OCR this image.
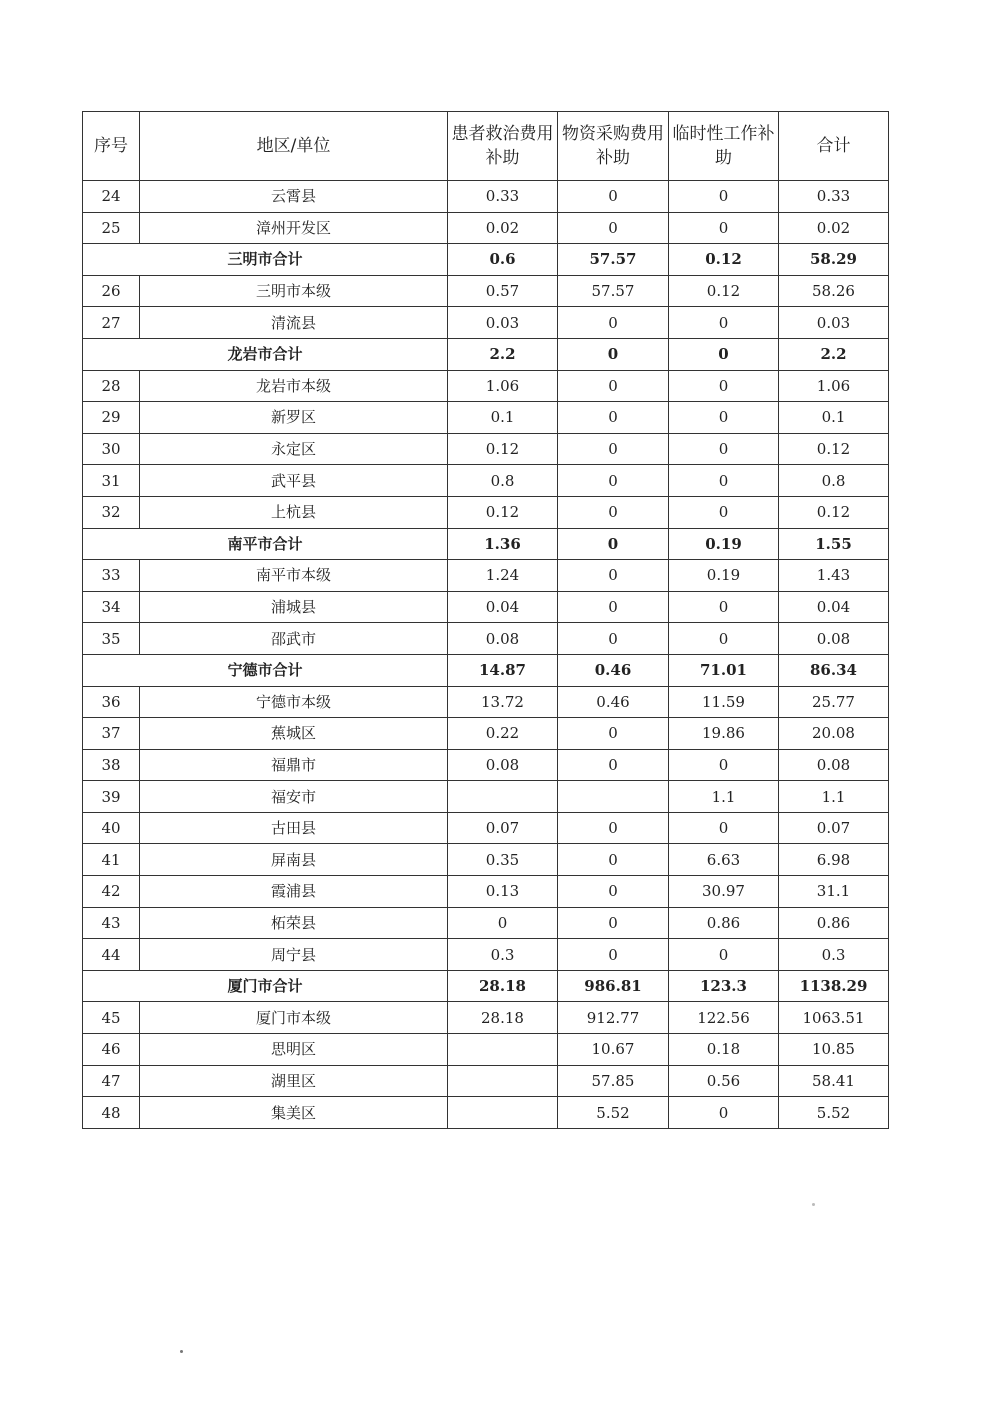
序号	地区/单位	患者救治费用补助	物资采购费用补助	临时性工作补助	合计
24	云霄县	0.33	0	0	0.33
25	漳州开发区	0.02	0	0	0.02
三明市合计		0.6	57.57	0.12	58.29
26	三明市本级	0.57	57.57	0.12	58.26
27	清流县	0.03	0	0	0.03
龙岩市合计		2.2	0	0	2.2
28	龙岩市本级	1.06	0	0	1.06
29	新罗区	0.1	0	0	0.1
30	永定区	0.12	0	0	0.12
31	武平县	0.8	0	0	0.8
32	上杭县	0.12	0	0	0.12
南平市合计		1.36	0	0.19	1.55
33	南平市本级	1.24	0	0.19	1.43
34	浦城县	0.04	0	0	0.04
35	邵武市	0.08	0	0	0.08
宁德市合计		14.87	0.46	71.01	86.34
36	宁德市本级	13.72	0.46	11.59	25.77
37	蕉城区	0.22	0	19.86	20.08
38	福鼎市	0.08	0	0	0.08
39	福安市			1.1	1.1
40	古田县	0.07	0	0	0.07
41	屏南县	0.35	0	6.63	6.98
42	霞浦县	0.13	0	30.97	31.1
43	柘荣县	0	0	0.86	0.86
44	周宁县	0.3	0	0	0.3
厦门市合计		28.18	986.81	123.3	1138.29
45	厦门市本级	28.18	912.77	122.56	1063.51
46	思明区		10.67	0.18	10.85
47	湖里区		57.85	0.56	58.41
48	集美区		5.52	0	5.52
